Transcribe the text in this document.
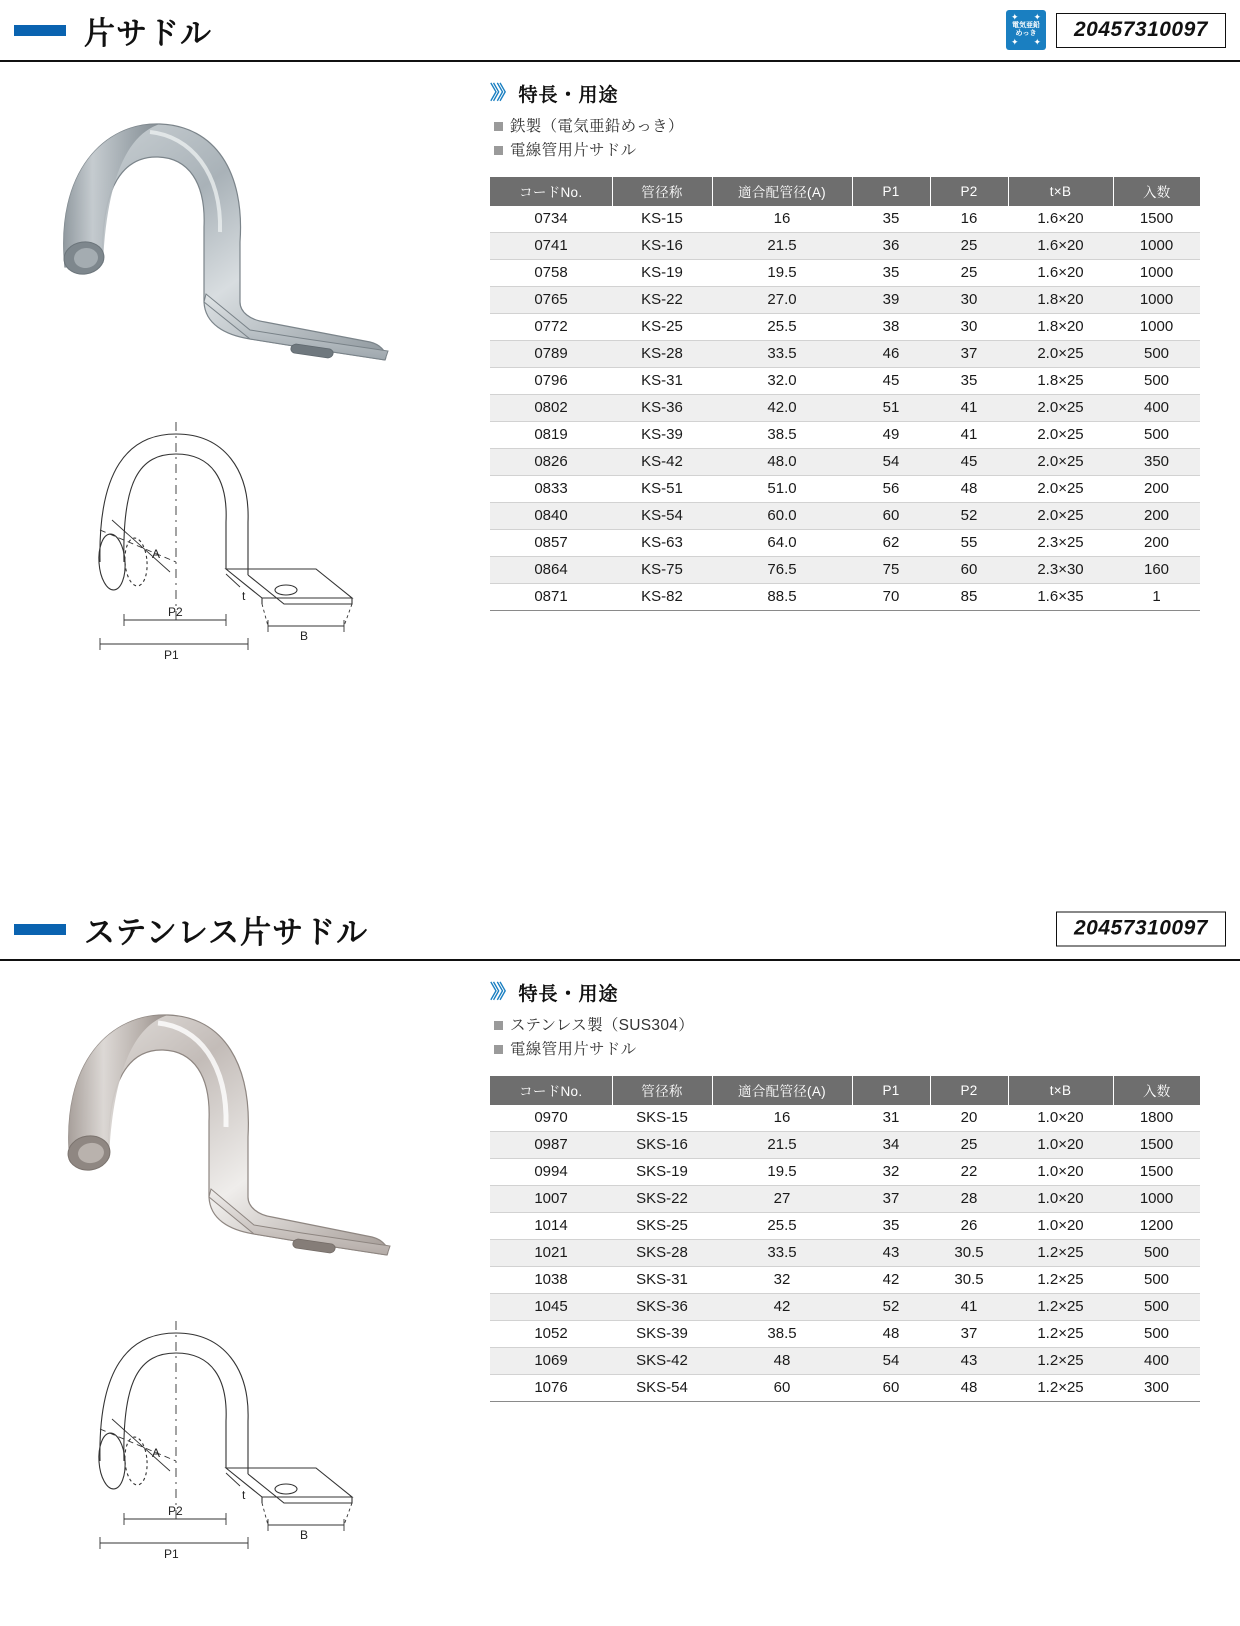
片サドル	✦ ✦
✦ ✦
電気亜鉛
めっき	20457310097
A
t
P2
P1
B
》》 特長・用途
鉄製（電気亜鉛めっき）
電線管用片サドル
コードNo.	管径称	適合配管径(A)	P1	P2	t×B	入数
0734	KS-15	16	35	16	1.6×20	1500
0741	KS-16	21.5	36	25	1.6×20	1000
0758	KS-19	19.5	35	25	1.6×20	1000
0765	KS-22	27.0	39	30	1.8×20	1000
0772	KS-25	25.5	38	30	1.8×20	1000
0789	KS-28	33.5	46	37	2.0×25	500
0796	KS-31	32.0	45	35	1.8×25	500
0802	KS-36	42.0	51	41	2.0×25	400
0819	KS-39	38.5	49	41	2.0×25	500
0826	KS-42	48.0	54	45	2.0×25	350
0833	KS-51	51.0	56	48	2.0×25	200
0840	KS-54	60.0	60	52	2.0×25	200
0857	KS-63	64.0	62	55	2.3×25	200
0864	KS-75	76.5	75	60	2.3×30	160
0871	KS-82	88.5	70	85	1.6×35	1
ステンレス片サドル	20457310097
A
t
P2
P1
B
》》 特長・用途
ステンレス製（SUS304）
電線管用片サドル
コードNo.	管径称	適合配管径(A)	P1	P2	t×B	入数
0970	SKS-15	16	31	20	1.0×20	1800
0987	SKS-16	21.5	34	25	1.0×20	1500
0994	SKS-19	19.5	32	22	1.0×20	1500
1007	SKS-22	27	37	28	1.0×20	1000
1014	SKS-25	25.5	35	26	1.0×20	1200
1021	SKS-28	33.5	43	30.5	1.2×25	500
1038	SKS-31	32	42	30.5	1.2×25	500
1045	SKS-36	42	52	41	1.2×25	500
1052	SKS-39	38.5	48	37	1.2×25	500
1069	SKS-42	48	54	43	1.2×25	400
1076	SKS-54	60	60	48	1.2×25	300
